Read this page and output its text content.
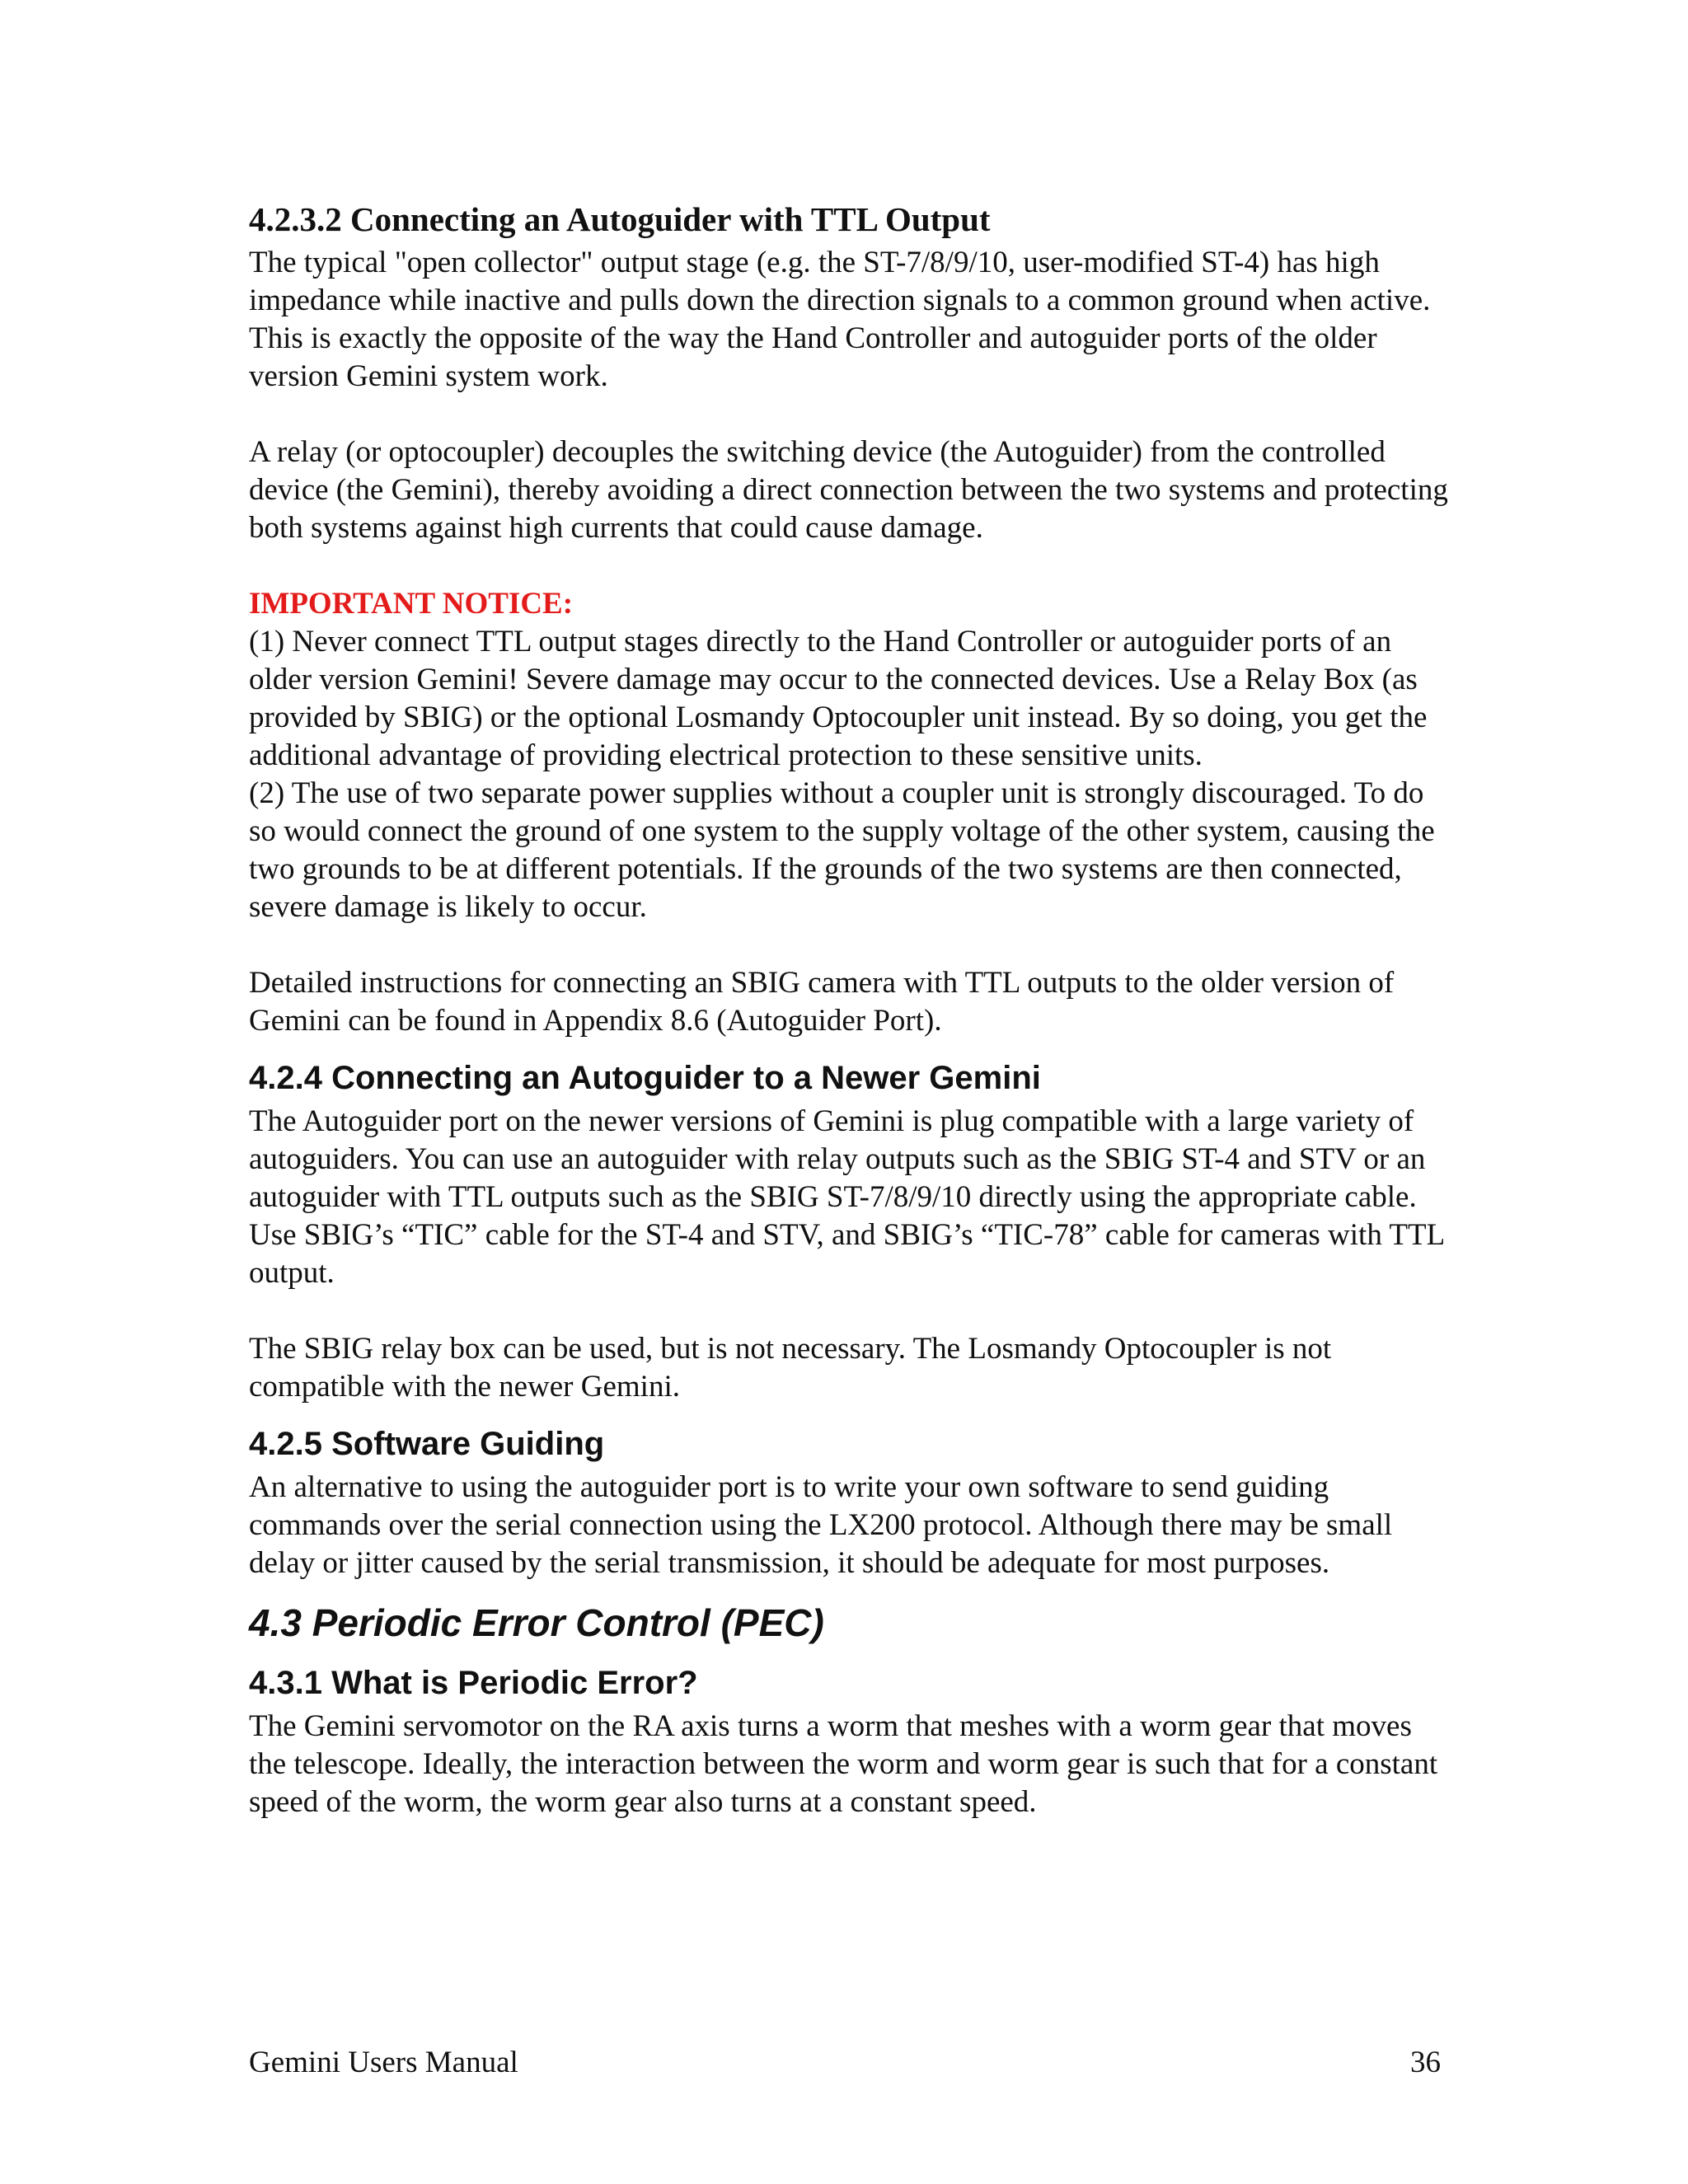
4.2.3.2 Connecting an Autoguider with TTL Output

The typical "open collector" output stage (e.g. the ST-7/8/9/10, user-modified ST-4) has high impedance while inactive and pulls down the direction signals to a common ground when active. This is exactly the opposite of the way the Hand Controller and autoguider ports of the older version Gemini system work.

A relay (or optocoupler) decouples the switching device (the Autoguider) from the controlled device (the Gemini), thereby avoiding a direct connection between the two systems and protecting both systems against high currents that could cause damage.

IMPORTANT NOTICE:

(1) Never connect TTL output stages directly to the Hand Controller or autoguider ports of an older version Gemini! Severe damage may occur to the connected devices. Use a Relay Box (as provided by SBIG) or the optional Losmandy Optocoupler unit instead. By so doing, you get the additional advantage of providing electrical protection to these sensitive units.

(2) The use of two separate power supplies without a coupler unit is strongly discouraged. To do so would connect the ground of one system to the supply voltage of the other system, causing the two grounds to be at different potentials. If the grounds of the two systems are then connected, severe damage is likely to occur.

Detailed instructions for connecting an SBIG camera with TTL outputs to the older version of Gemini can be found in Appendix 8.6 (Autoguider Port).

4.2.4 Connecting an Autoguider to a Newer Gemini

The Autoguider port on the newer versions of Gemini is plug compatible with a large variety of autoguiders. You can use an autoguider with relay outputs such as the SBIG ST-4 and STV or an autoguider with TTL outputs such as the SBIG ST-7/8/9/10 directly using the appropriate cable. Use SBIG’s “TIC” cable for the ST-4 and STV, and SBIG’s “TIC-78” cable for cameras with TTL output.

The SBIG relay box can be used, but is not necessary. The Losmandy Optocoupler is not compatible with the newer Gemini.

4.2.5 Software Guiding

An alternative to using the autoguider port is to write your own software to send guiding commands over the serial connection using the LX200 protocol. Although there may be small delay or jitter caused by the serial transmission, it should be adequate for most purposes.

4.3 Periodic Error Control (PEC)
4.3.1 What is Periodic Error?

The Gemini servomotor on the RA axis turns a worm that meshes with a worm gear that moves the telescope. Ideally, the interaction between the worm and worm gear is such that for a constant speed of the worm, the worm gear also turns at a constant speed.

Gemini Users Manual	36
